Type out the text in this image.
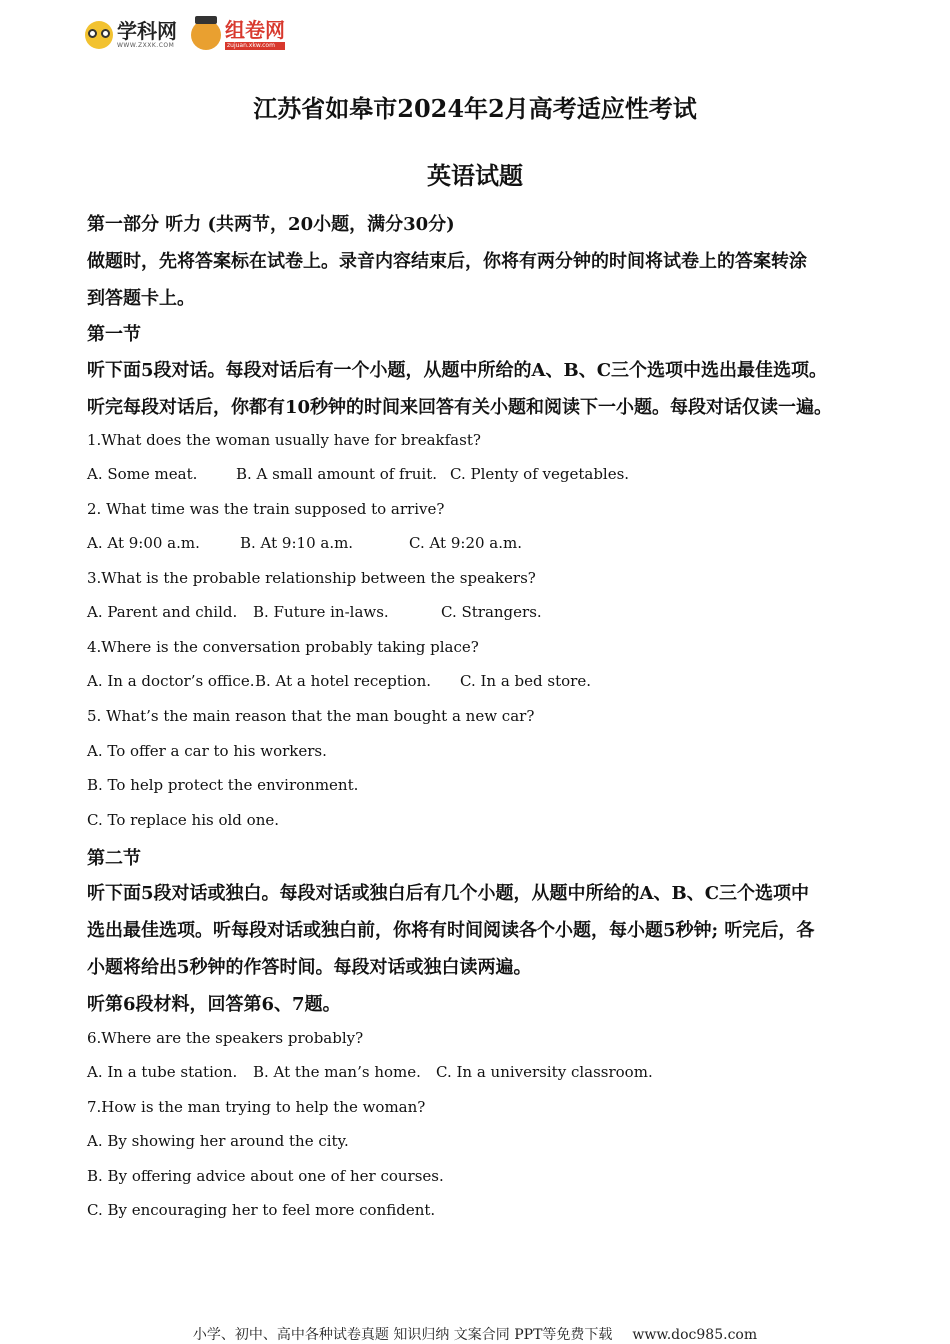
学科网
WWW.ZXXK.COM
组卷网
zujuan.xkw.com
江苏省如皋市2024年2月高考适应性考试
英语试题
第一部分 听力 (共两节，20小题，满分30分)
做题时，先将答案标在试卷上。录音内容结束后，你将有两分钟的时间将试卷上的答案转涂
到答题卡上。
第一节
听下面5段对话。每段对话后有一个小题，从题中所给的A、B、C三个选项中选出最佳选项。
听完每段对话后，你都有10秒钟的时间来回答有关小题和阅读下一小题。每段对话仅读一遍。
1.What does the woman usually have for breakfast?
A. Some meat.	B. A small amount of fruit. C. Plenty of vegetables.
2. What time was the train supposed to arrive?
A. At 9:00 a.m.	B. At 9:10 a.m.	C. At 9:20 a.m.
3.What is the probable relationship between the speakers?
A. Parent and child. B. Future in-laws.	C. Strangers.
4.Where is the conversation probably taking place?
A. In a doctor’s office.B. At a hotel reception. C. In a bed store.
5. What’s the main reason that the man bought a new car?
A. To offer a car to his workers.
B. To help protect the environment.
C. To replace his old one.
第二节
听下面5段对话或独白。每段对话或独白后有几个小题，从题中所给的A、B、C三个选项中
选出最佳选项。听每段对话或独白前，你将有时间阅读各个小题，每小题5秒钟; 听完后，各
小题将给出5秒钟的作答时间。每段对话或独白读两遍。
听第6段材料，回答第6、7题。
6.Where are the speakers probably?
A. In a tube station. B. At the man’s home. C. In a university classroom.
7.How is the man trying to help the woman?
A. By showing her around the city.
B. By offering advice about one of her courses.
C. By encouraging her to feel more confident.
小学、初中、高中各种试卷真题 知识归纳 文案合同 PPT等免费下载 www.doc985.com
